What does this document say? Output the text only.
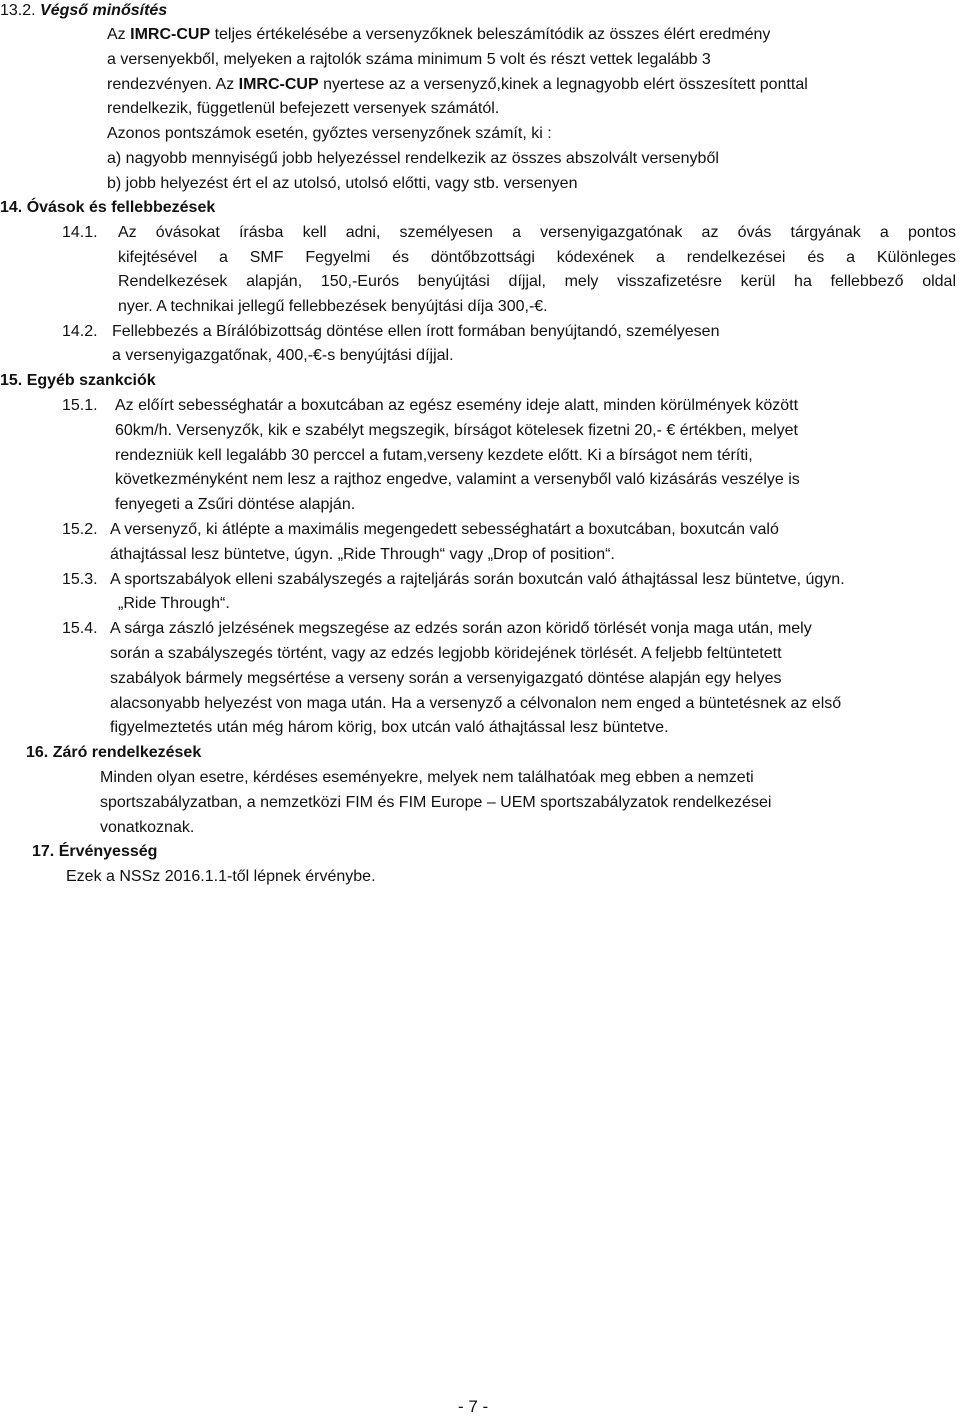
13.2. Végső minősítés
Az IMRC-CUP teljes értékelésébe a versenyzőknek beleszámítódik az összes élért eredmény
a versenyekből, melyeken a rajtolók száma minimum 5 volt és részt vettek legalább 3
rendezvényen. Az IMRC-CUP nyertese az a versenyző,kinek a legnagyobb elért összesített ponttal
rendelkezik, függetlenül befejezett versenyek számától.
Azonos pontszámok esetén, győztes versenyzőnek számít, ki :
a) nagyobb mennyiségű jobb helyezéssel rendelkezik az összes abszolvált versenyből
b) jobb helyezést ért el az utolsó, utolsó előtti, vagy stb. versenyen
14. Óvások és fellebbezések
14.1. Az óvásokat írásba kell adni, személyesen a versenyigazgatónak az óvás tárgyának a pontos
kifejtésével a SMF Fegyelmi és döntőbzottsági kódexének a rendelkezései és a Különleges
Rendelkezések alapján, 150,-Eurós benyújtási díjjal, mely visszafizetésre kerül ha fellebbező oldal
nyer. A technikai jellegű fellebbezések benyújtási díja 300,-€.
14.2. Fellebbezés a Bírálóbizottság döntése ellen írott formában benyújtandó, személyesen
a versenyigazgatőnak, 400,-€-s benyújtási díjjal.
15. Egyéb szankciók
15.1. Az előírt sebességhatár a boxutcában az egész esemény ideje alatt, minden körülmények között
60km/h. Versenyzők, kik e szabélyt megszegik, bírságot kötelesek fizetni 20,- € értékben, melyet
rendezniük kell legalább 30 perccel a futam,verseny kezdete előtt. Ki a bírságot nem téríti,
következményként nem lesz a rajthoz engedve, valamint a versenyből való kizásárás veszélye is
fenyegeti a Zsűri döntése alapján.
15.2. A versenyző, ki átlépte a maximális megengedett sebességhatárt a boxutcában, boxutcán való
áthajtással lesz büntetve, úgyn. „Ride Through“ vagy „Drop of position“.
15.3. A sportszabályok elleni szabályszegés a rajteljárás során boxutcán való áthajtással lesz büntetve, úgyn.
„Ride Through“.
15.4. A sárga zászló jelzésének megszegése az edzés során azon köridő törlését vonja maga után, mely
során a szabályszegés történt, vagy az edzés legjobb köridejének törlését. A feljebb feltüntetett
szabályok bármely megsértése a verseny során a versenyigazgató döntése alapján egy helyes
alacsonyabb helyezést von maga után. Ha a versenyző a célvonalon nem enged a büntetésnek az első
figyelmeztetés után még három körig, box utcán való áthajtással lesz büntetve.
16. Záró rendelkezések
Minden olyan esetre, kérdéses eseményekre, melyek nem találhatóak meg ebben a nemzeti
sportszabályzatban, a nemzetközi FIM és FIM Europe – UEM sportszabályzatok rendelkezései
vonatkoznak.
17. Érvényesség
Ezek a NSSz 2016.1.1-től lépnek érvénybe.
- 7 -
